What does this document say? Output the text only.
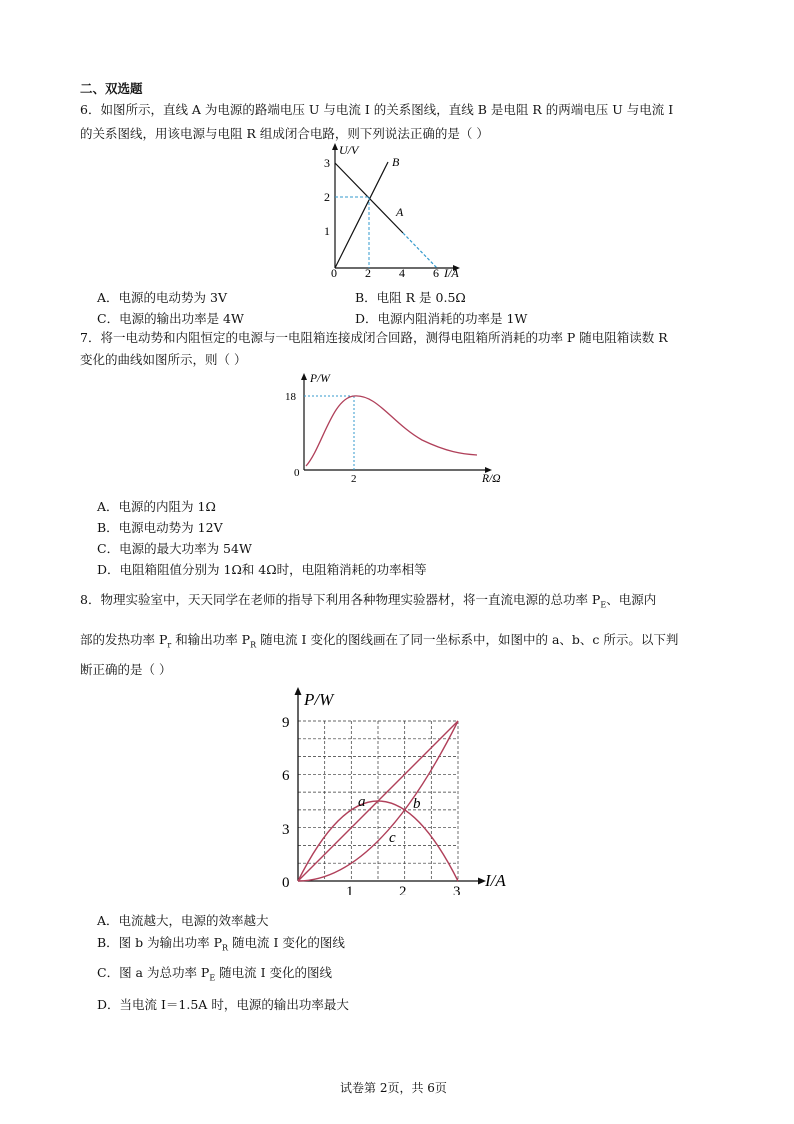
二、双选题
6．如图所示，直线 A 为电源的路端电压 U 与电流 I 的关系图线，直线 B 是电阻 R 的两端电压 U 与电流 I
的关系图线，用该电源与电阻 R 组成闭合电路，则下列说法正确的是（ ）
U/V
I/A
3
2
1
0 2 4 6
B
A
A．电源的电动势为 3V	B．电阻 R 是 0.5Ω
C．电源的输出功率是 4W	D．电源内阻消耗的功率是 1W
7．将一电动势和内阻恒定的电源与一电阻箱连接成闭合回路，测得电阻箱所消耗的功率 P 随电阻箱读数 R
变化的曲线如图所示，则（ ）
P/W
18
0	2	R/Ω
A．电源的内阻为 1Ω
B．电源电动势为 12V
C．电源的最大功率为 54W
D．电阻箱阻值分别为 1Ω和 4Ω时，电阻箱消耗的功率相等
8．物理实验室中，天天同学在老师的指导下利用各种物理实验器材，将一直流电源的总功率 $P_E$、电源内
部的发热功率 $P_r$ 和输出功率 $P_R$ 随电流 I 变化的图线画在了同一坐标系中，如图中的 a、b、c 所示。以下判
断正确的是（ ）
P/W
9
6
3
0
1	2	3
I/A
a	b
c
A．电流越大，电源的效率越大
B．图 b 为输出功率 $P_R$ 随电流 I 变化的图线
C．图 a 为总功率 $P_E$ 随电流 I 变化的图线
D．当电流 I＝1.5A 时，电源的输出功率最大
试卷第 2页，共 6页
